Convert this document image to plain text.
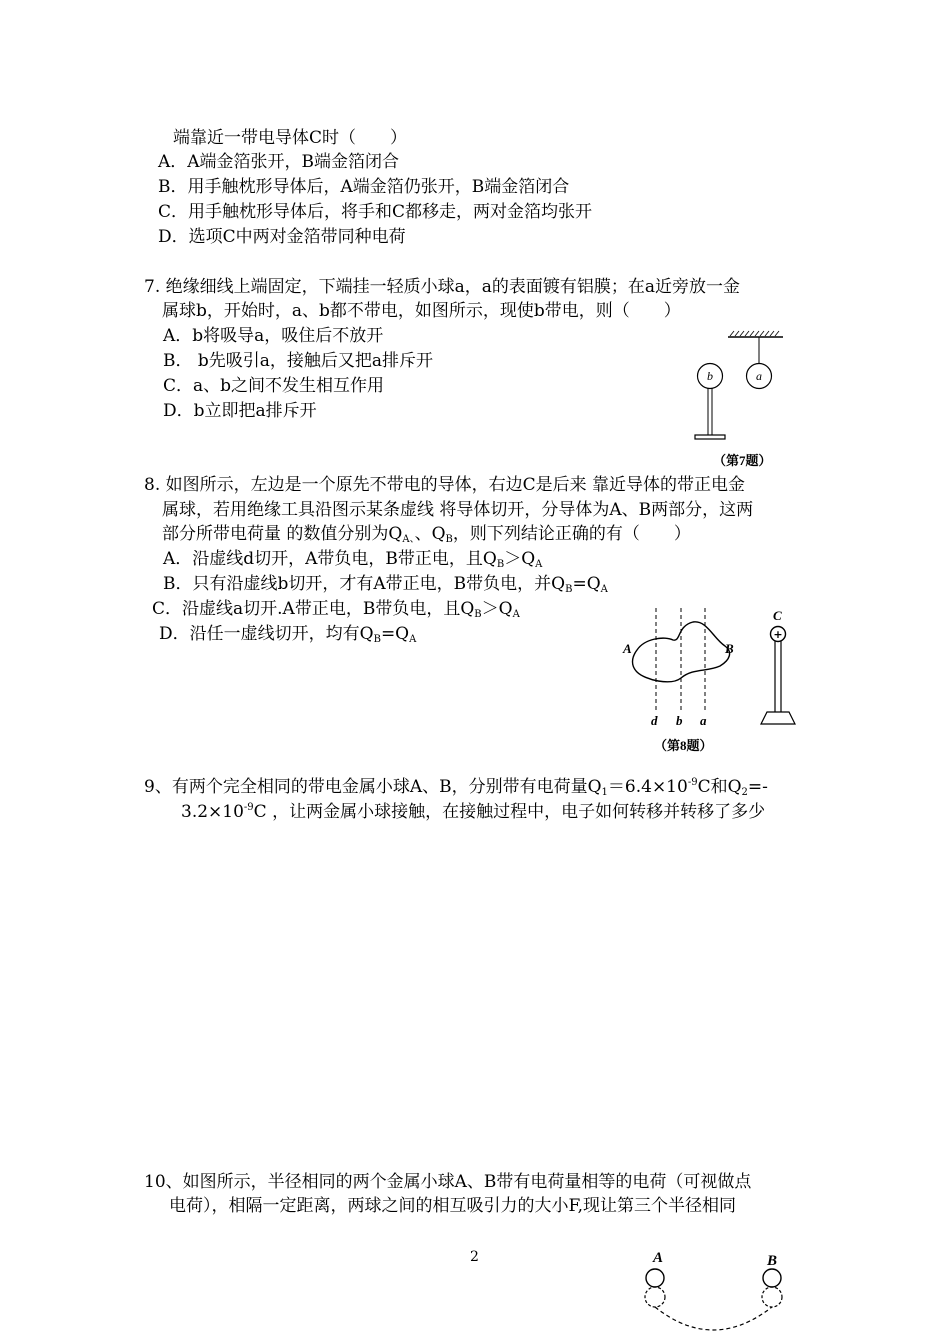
端靠近一带电导体C时（　　）
A．A端金箔张开，B端金箔闭合
B．用手触枕形导体后，A端金箔仍张开，B端金箔闭合
C．用手触枕形导体后，将手和C都移走，两对金箔均张开
D．选项C中两对金箔带同种电荷
7. 绝缘细线上端固定，下端挂一轻质小球a，a的表面镀有铝膜；在a近旁放一金
属球b，开始时，a、b都不带电，如图所示，现使b带电，则（　　）
A．b将吸导a，吸住后不放开
B． b先吸引a，接触后又把a排斥开
C．a、b之间不发生相互作用
D．b立即把a排斥开
a
b
（第7题）
8. 如图所示，左边是一个原先不带电的导体，右边C是后来 靠近导体的带正电金
属球，若用绝缘工具沿图示某条虚线 将导体切开，分导体为A、B两部分，这两
部分所带电荷量 的数值分别为$Q_{A、}$、$Q_B$，则下列结论正确的有（　　）
A．沿虚线d切开，A带负电，B带正电，且$Q_B>Q_A$
B．只有沿虚线b切开，才有A带正电，B带负电，并$Q_B=Q_A$
C．沿虚线a切开.A带正电，B带负电，且$Q_B>Q_A$
D．沿任一虚线切开，均有$Q_B=Q_A$
A	B
d b a
C
+
（第8题）
9、有两个完全相同的带电金属小球A、B，分别带有电荷量$Q_1=6.4\times 10^{-9}C$和$Q_2=-$
$3.2\times 10^{-9}C$ ，让两金属小球接触，在接触过程中，电子如何转移并转移了多少
10、如图所示，半径相同的两个金属小球A、B带有电荷量相等的电荷（可视做点
电荷），相隔一定距离，两球之间的相互吸引力的大小F,现让第三个半径相同
A	B
2
